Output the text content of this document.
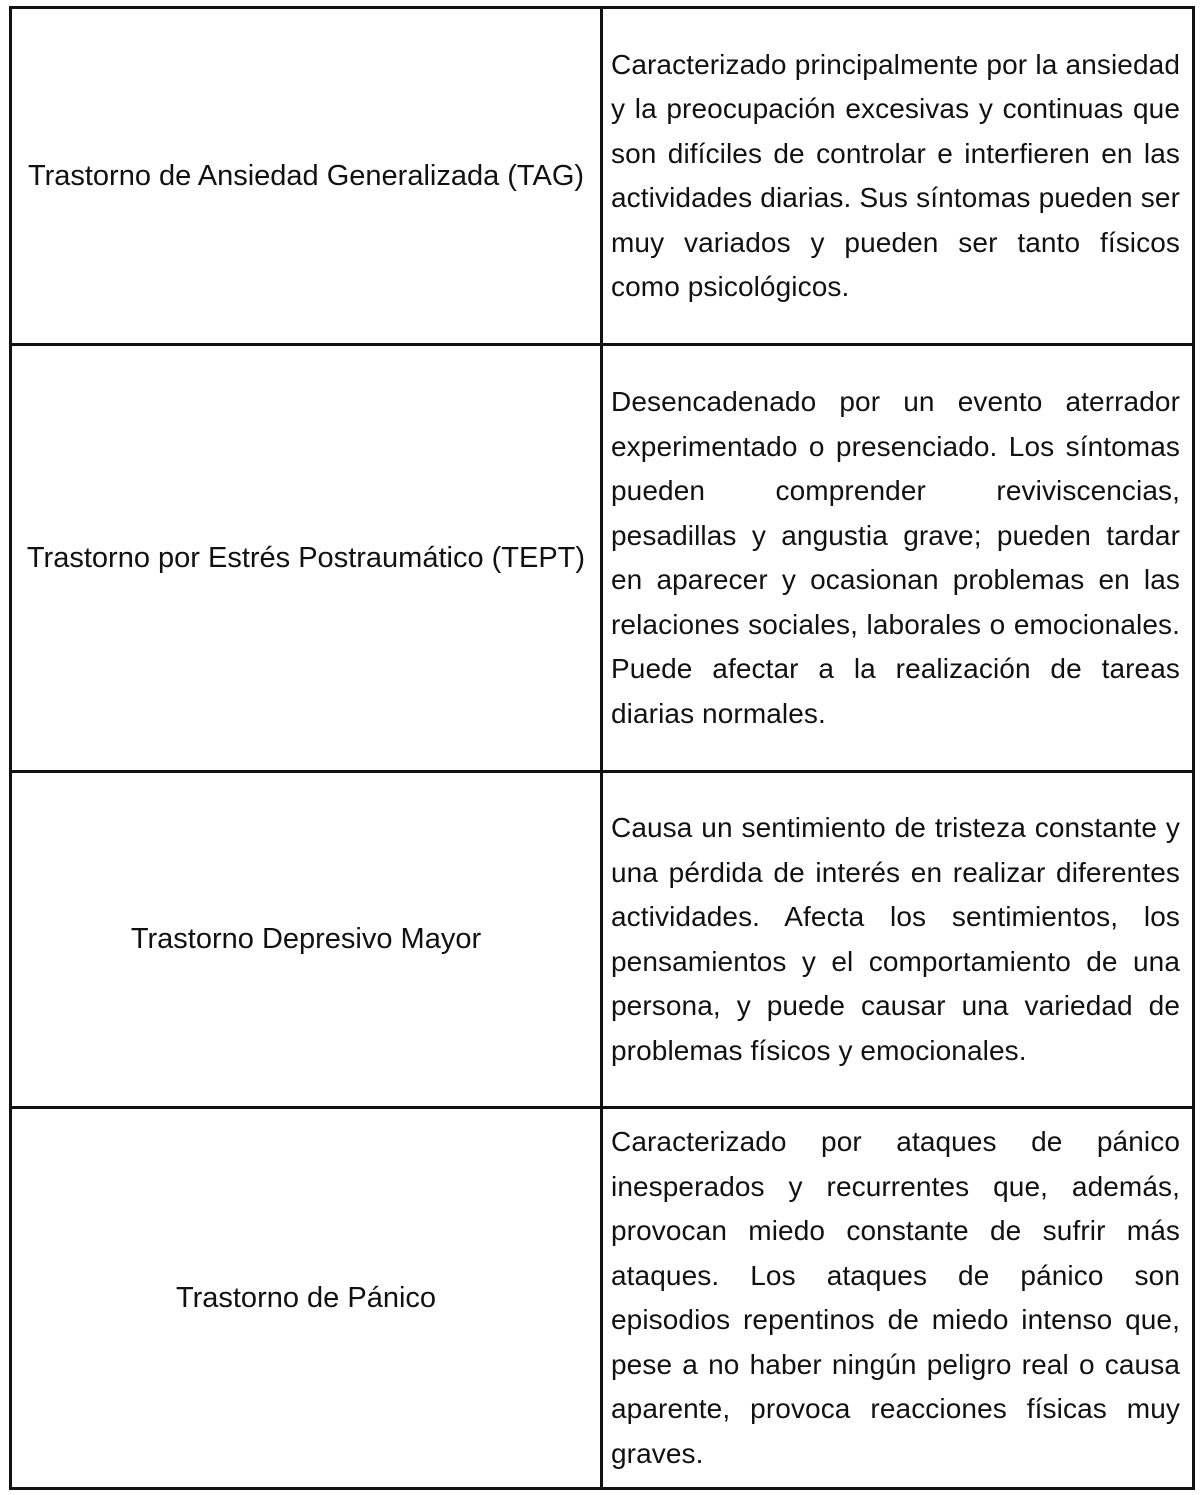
Trastorno de Ansiedad Generalizada (TAG)	Caracterizado principalmente por la ansiedad y la preocupación excesivas y continuas que son difíciles de controlar e interfieren en las actividades diarias. Sus síntomas pueden ser muy variados y pueden ser tanto físicos como psicológicos.
Trastorno por Estrés Postraumático (TEPT)	Desencadenado por un evento aterrador experimentado o presenciado. Los síntomas pueden comprender reviviscencias, pesadillas y angustia grave; pueden tardar en aparecer y ocasionan problemas en las relaciones sociales, laborales o emocionales. Puede afectar a la realización de tareas diarias normales.
Trastorno Depresivo Mayor	Causa un sentimiento de tristeza constante y una pérdida de interés en realizar diferentes actividades. Afecta los sentimientos, los pensamientos y el comportamiento de una persona, y puede causar una variedad de problemas físicos y emocionales.
Trastorno de Pánico	Caracterizado por ataques de pánico inesperados y recurrentes que, además, provocan miedo constante de sufrir más ataques. Los ataques de pánico son episodios repentinos de miedo intenso que, pese a no haber ningún peligro real o causa aparente, provoca reacciones físicas muy graves.
